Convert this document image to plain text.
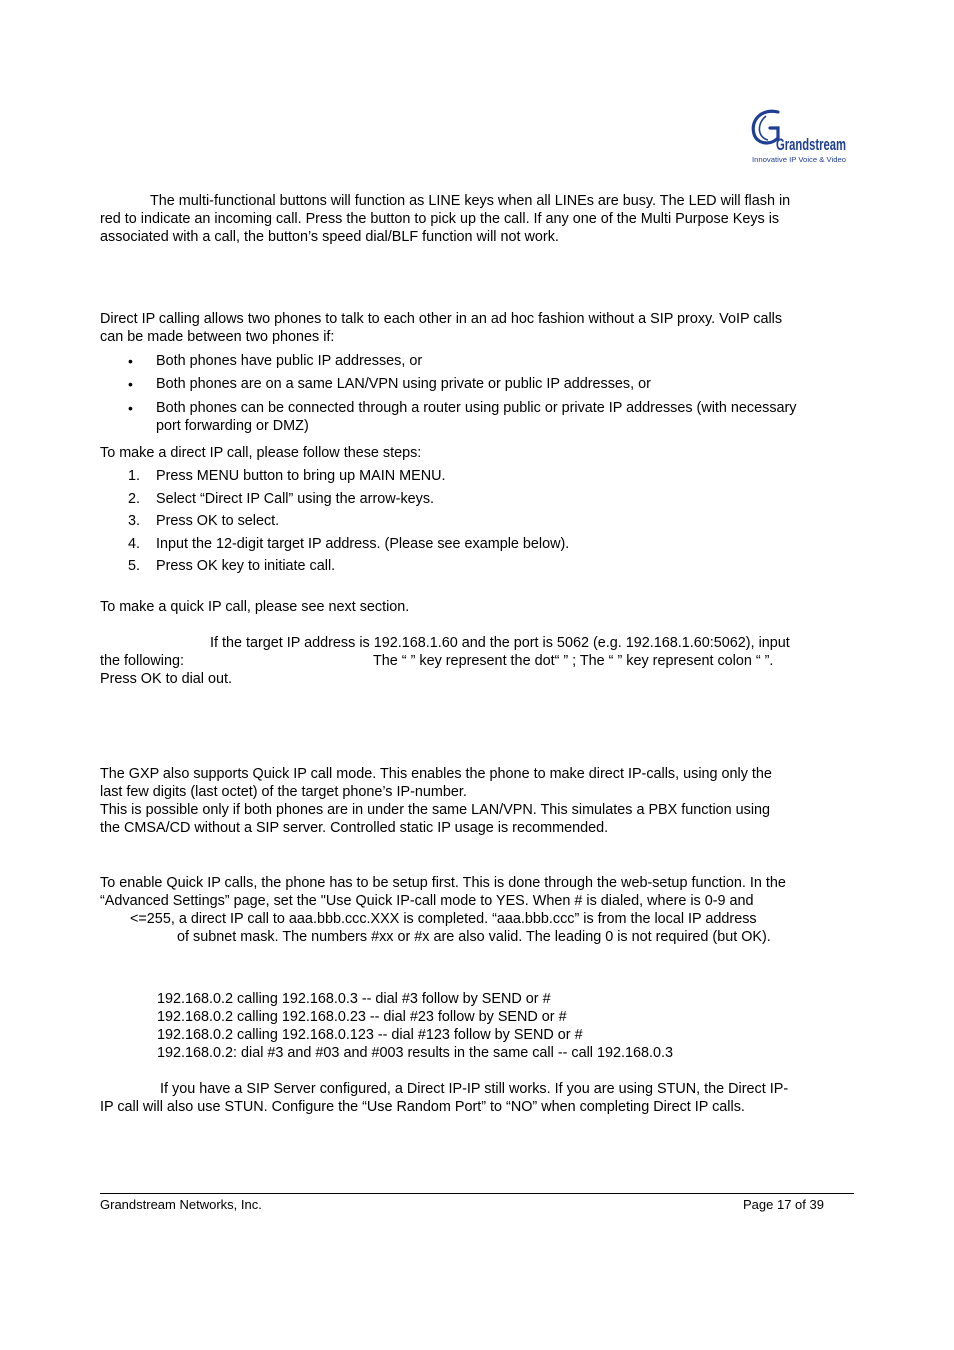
Grandstream
Innovative IP Voice & Video
The multi-functional buttons will function as LINE keys when all LINEs are busy. The LED will flash in
red to indicate an incoming call. Press the button to pick up the call. If any one of the Multi Purpose Keys is
associated with a call, the button’s speed dial/BLF function will not work.
Direct IP calling allows two phones to talk to each other in an ad hoc fashion without a SIP proxy. VoIP calls
can be made between two phones if:
• Both phones have public IP addresses, or
• Both phones are on a same LAN/VPN using private or public IP addresses, or
• Both phones can be connected through a router using public or private IP addresses (with necessary
port forwarding or DMZ)
To make a direct IP call, please follow these steps:
1. Press MENU button to bring up MAIN MENU.
2. Select “Direct IP Call” using the arrow-keys.
3. Press OK to select.
4. Input the 12-digit target IP address. (Please see example below).
5. Press OK key to initiate call.
To make a quick IP call, please see next section.
If the target IP address is 192.168.1.60 and the port is 5062 (e.g. 192.168.1.60:5062), input
the following:	The “ ” key represent the dot“ ” ; The “ ” key represent colon “ ”.
Press OK to dial out.
The GXP also supports Quick IP call mode. This enables the phone to make direct IP-calls, using only the
last few digits (last octet) of the target phone’s IP-number.
This is possible only if both phones are in under the same LAN/VPN. This simulates a PBX function using
the CMSA/CD without a SIP server. Controlled static IP usage is recommended.
To enable Quick IP calls, the phone has to be setup first. This is done through the web-setup function. In the
“Advanced Settings” page, set the "Use Quick IP-call mode to YES. When # is dialed, where is 0-9 and
<=255, a direct IP call to aaa.bbb.ccc.XXX is completed. “aaa.bbb.ccc” is from the local IP address
of subnet mask. The numbers #xx or #x are also valid. The leading 0 is not required (but OK).
192.168.0.2 calling 192.168.0.3 -- dial #3 follow by SEND or #
192.168.0.2 calling 192.168.0.23 -- dial #23 follow by SEND or #
192.168.0.2 calling 192.168.0.123 -- dial #123 follow by SEND or #
192.168.0.2: dial #3 and #03 and #003 results in the same call -- call 192.168.0.3
If you have a SIP Server configured, a Direct IP-IP still works. If you are using STUN, the Direct IP-
IP call will also use STUN. Configure the “Use Random Port” to “NO” when completing Direct IP calls.
Grandstream Networks, Inc.	Page 17 of 39
